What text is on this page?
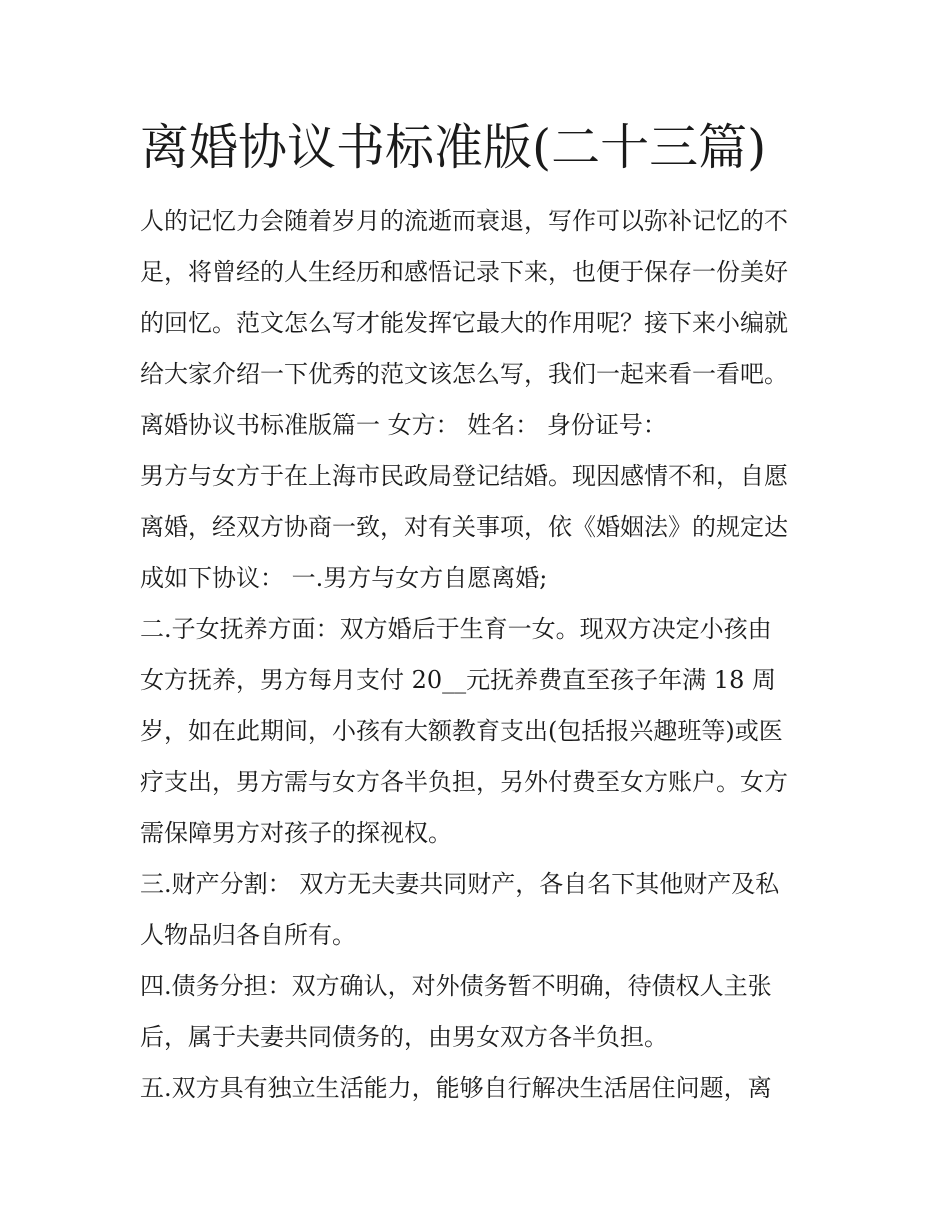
离婚协议书标准版(二十三篇)
人的记忆力会随着岁月的流逝而衰退，写作可以弥补记忆的不
足，将曾经的人生经历和感悟记录下来，也便于保存一份美好
的回忆。范文怎么写才能发挥它最大的作用呢？接下来小编就
给大家介绍一下优秀的范文该怎么写，我们一起来看一看吧。
离婚协议书标准版篇一 女方： 姓名： 身份证号：
男方与女方于在上海市民政局登记结婚。现因感情不和，自愿
离婚，经双方协商一致，对有关事项，依《婚姻法》的规定达
成如下协议： 一.男方与女方自愿离婚;
二.子女抚养方面：双方婚后于生育一女。现双方决定小孩由
女方抚养，男方每月支付 20__元抚养费直至孩子年满 18 周
岁，如在此期间，小孩有大额教育支出(包括报兴趣班等)或医
疗支出，男方需与女方各半负担，另外付费至女方账户。女方
需保障男方对孩子的探视权。
三.财产分割： 双方无夫妻共同财产，各自名下其他财产及私
人物品归各自所有。
四.债务分担：双方确认，对外债务暂不明确，待债权人主张
后，属于夫妻共同债务的，由男女双方各半负担。
五.双方具有独立生活能力，能够自行解决生活居住问题，离
